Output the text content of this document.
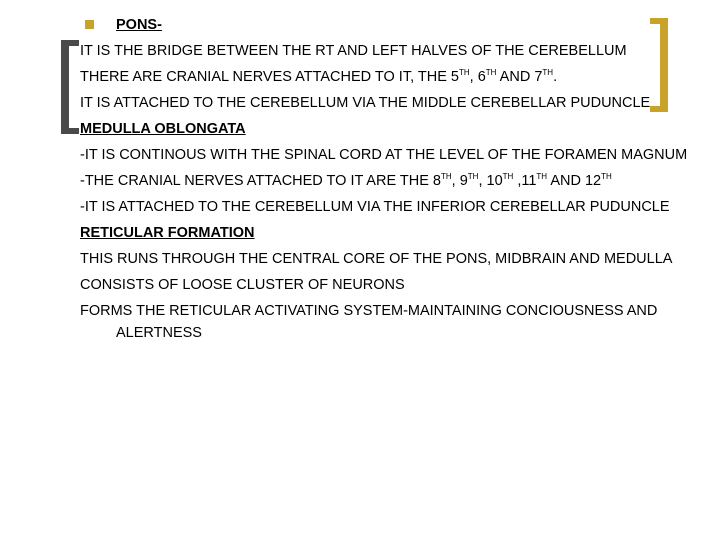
PONS-

IT IS THE BRIDGE BETWEEN THE RT AND LEFT HALVES OF THE CEREBELLUM

THERE ARE CRANIAL NERVES ATTACHED TO IT, THE 5TH, 6TH AND 7TH.

IT IS ATTACHED TO THE CEREBELLUM VIA THE MIDDLE CEREBELLAR PUDUNCLE

MEDULLA OBLONGATA

-IT IS CONTINOUS WITH THE SPINAL CORD AT THE LEVEL OF THE FORAMEN MAGNUM

-THE CRANIAL NERVES ATTACHED TO IT ARE THE 8TH, 9TH, 10TH ,11TH AND 12TH

-IT IS ATTACHED TO THE CEREBELLUM VIA THE INFERIOR CEREBELLAR PUDUNCLE

RETICULAR FORMATION

THIS RUNS THROUGH THE CENTRAL CORE OF THE PONS, MIDBRAIN AND MEDULLA

CONSISTS OF LOOSE CLUSTER OF NEURONS

FORMS THE RETICULAR ACTIVATING SYSTEM-MAINTAINING CONCIOUSNESS AND ALERTNESS
